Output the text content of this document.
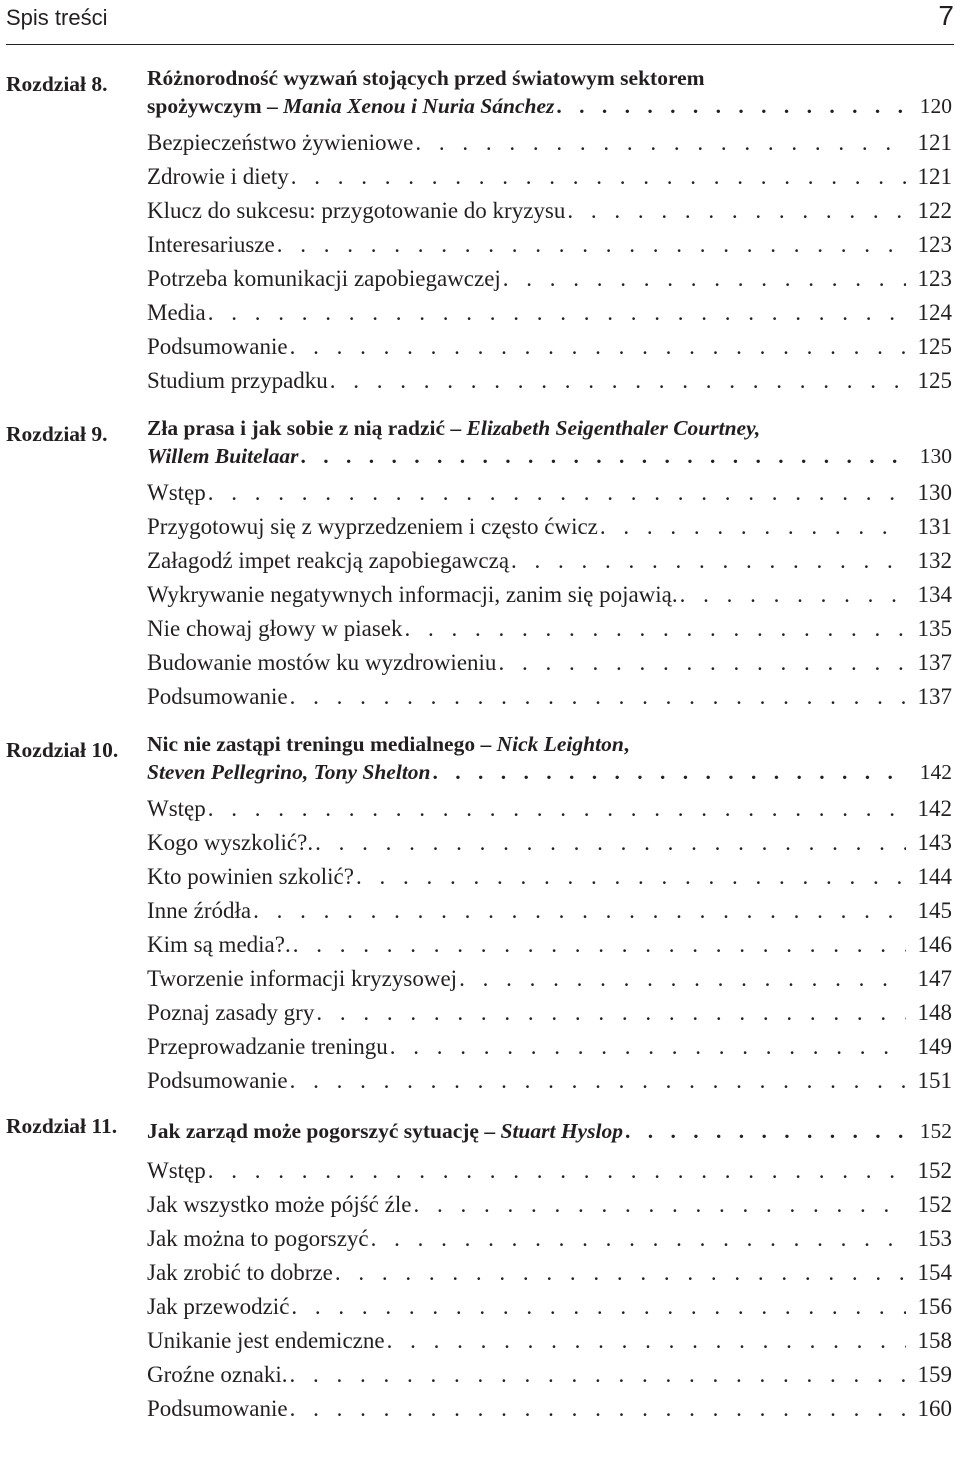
Spis treści	7
Rozdział 8. Różnorodność wyzwań stojących przed światowym sektorem
spożywczym – Mania Xenou i Nuria Sánchez . . .	120
Bezpieczeństwo żywieniowe . . .	121
Zdrowie i diety . . .	121
Klucz do sukcesu: przygotowanie do kryzysu . . .	122
Interesariusze . . .	123
Potrzeba komunikacji zapobiegawczej . . .	123
Media . . .	124
Podsumowanie . . .	125
Studium przypadku . . .	125
Rozdział 9. Zła prasa i jak sobie z nią radzić – Elizabeth Seigenthaler Courtney,
Willem Buitelaar . . .	130
Wstęp . . .	130
Przygotowuj się z wyprzedzeniem i często ćwicz . . .	131
Załagodź impet reakcją zapobiegawczą . . .	132
Wykrywanie negatywnych informacji, zanim się pojawią. . . .	134
Nie chowaj głowy w piasek . . .	135
Budowanie mostów ku wyzdrowieniu . . .	137
Podsumowanie . . .	137
Rozdział 10. Nic nie zastąpi treningu medialnego – Nick Leighton,
Steven Pellegrino, Tony Shelton . . .	142
Wstęp . . .	142
Kogo wyszkolić?. . . .	143
Kto powinien szkolić? . . .	144
Inne źródła . . .	145
Kim są media?. . . .	146
Tworzenie informacji kryzysowej . . .	147
Poznaj zasady gry . . .	148
Przeprowadzanie treningu . . .	149
Podsumowanie . . .	151
Rozdział 11. Jak zarząd może pogorszyć sytuację – Stuart Hyslop . . .	152
Wstęp . . .	152
Jak wszystko może pójść źle . . .	152
Jak można to pogorszyć . . .	153
Jak zrobić to dobrze . . .	154
Jak przewodzić . . .	156
Unikanie jest endemiczne . . .	158
Groźne oznaki. . . .	159
Podsumowanie . . .	160
